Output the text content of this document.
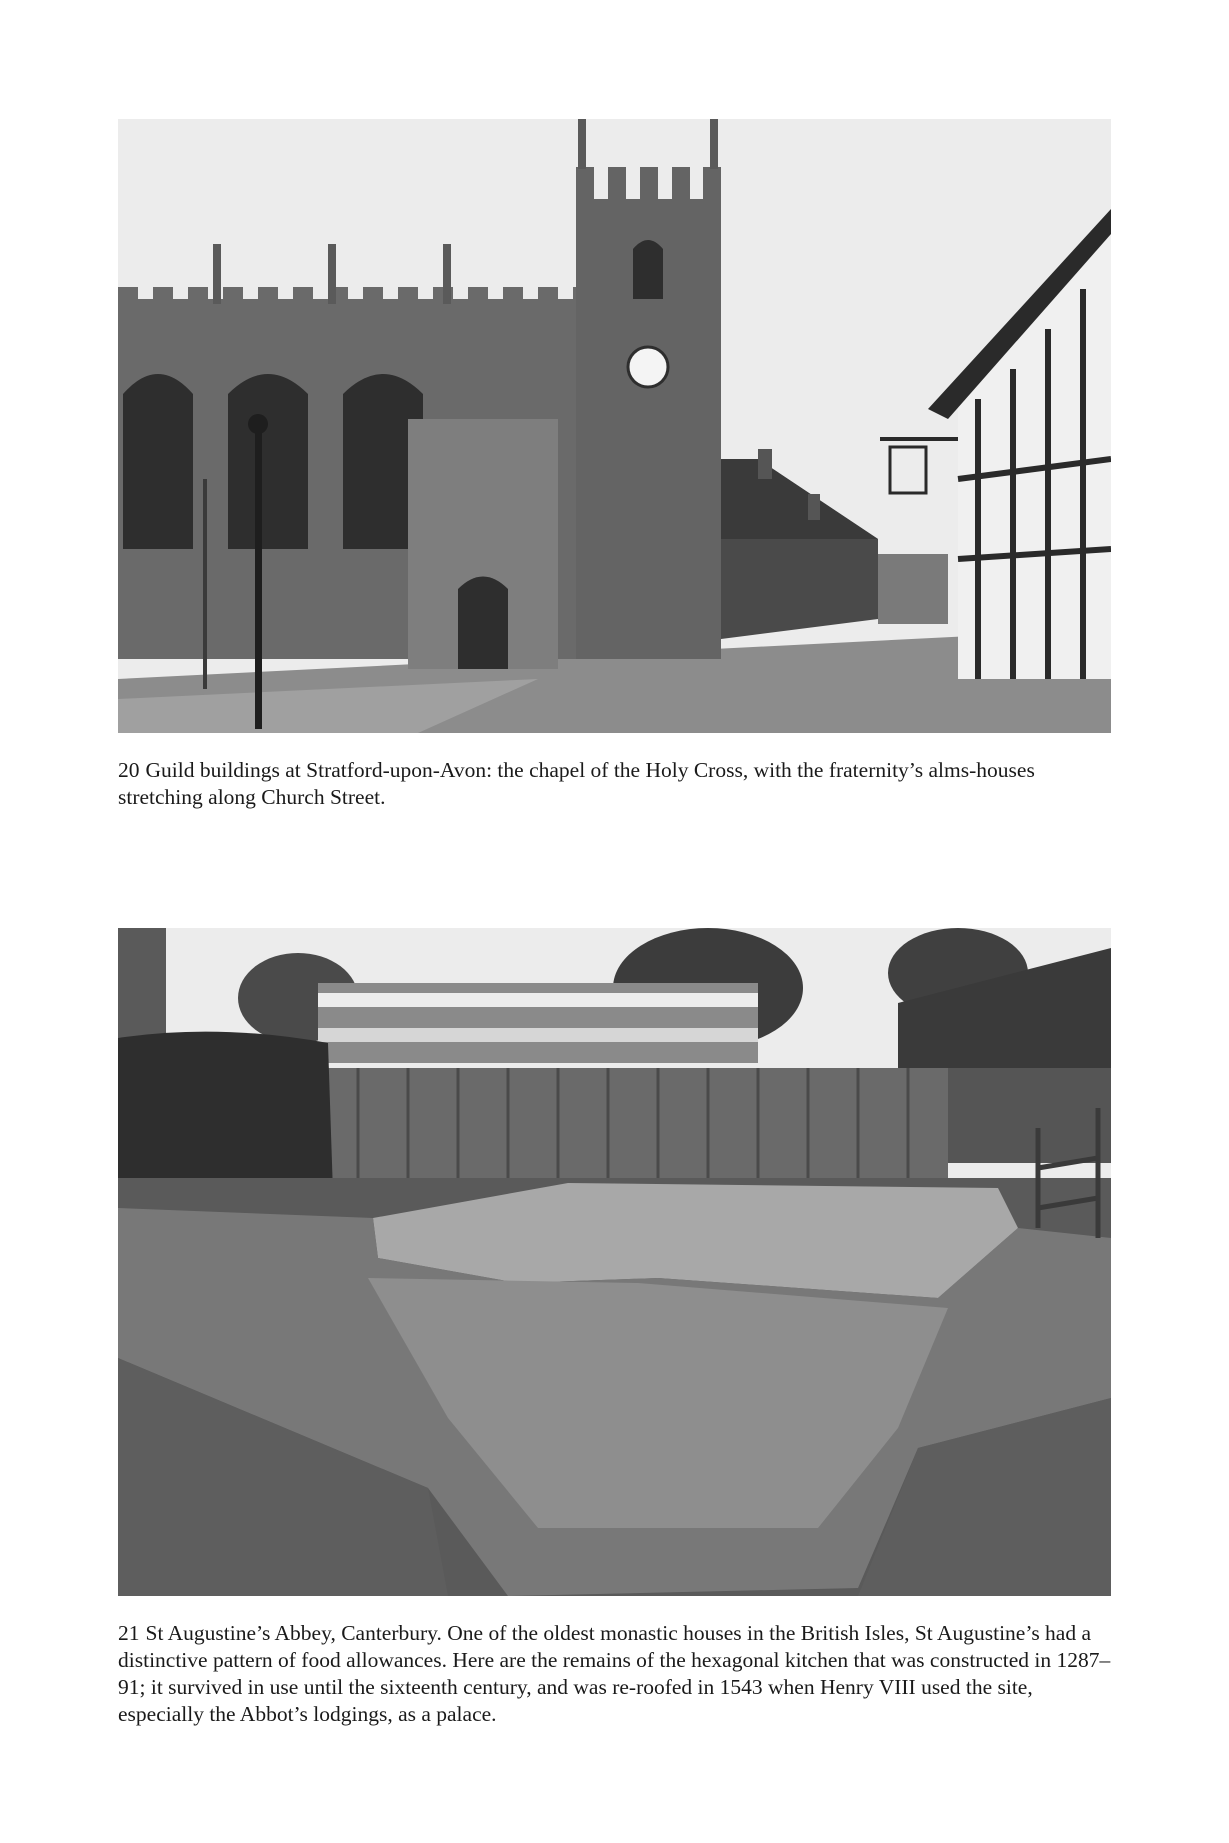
20 Guild buildings at Stratford-upon-Avon: the chapel of the Holy Cross, with the fraternity’s alms-houses stretching along Church Street.

21 St Augustine’s Abbey, Canterbury. One of the oldest monastic houses in the British Isles, St Augustine’s had a distinctive pattern of food allowances. Here are the remains of the hexagonal kitchen that was constructed in 1287–91; it survived in use until the sixteenth century, and was re-roofed in 1543 when Henry VIII used the site, especially the Abbot’s lodgings, as a palace.
